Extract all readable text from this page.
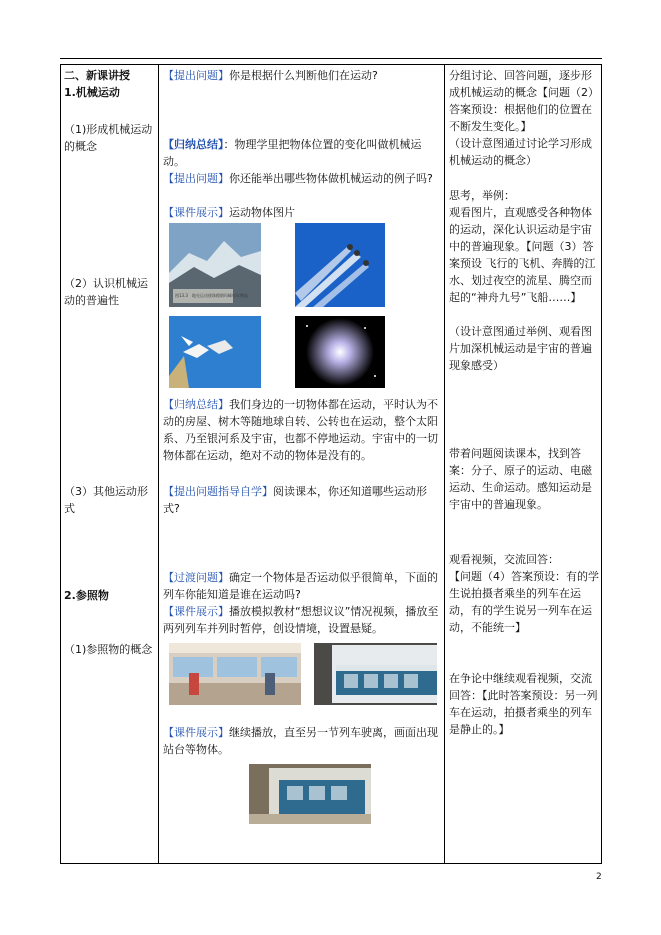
二、新课讲授
1.机械运动
（1)形成机械运动的概念
（2）认识机械运动的普遍性
（3）其他运动形式
2.参照物
（1)参照物的概念
【提出问题】你是根据什么判断他们在运动?
【归纳总结】：物理学里把物体位置的变化叫做机械运动。
【提出问题】你还能举出哪些物体做机械运动的例子吗?
【课件展示】运动物体图片
图13.3　地壳运动使珠穆朗玛峰年年增高
【归纳总结】我们身边的一切物体都在运动，平时认为不动的房屋、树木等随地球自转、公转也在运动，整个太阳系、乃至银河系及宇宙，也都不停地运动。宇宙中的一切物体都在运动，绝对不动的物体是没有的。
【提出问题指导自学】阅读课本，你还知道哪些运动形式?
【过渡问题】确定一个物体是否运动似乎很简单，下面的列车你能知道是谁在运动吗?
【课件展示】播放模拟教材“想想议议”情况视频，播放至两列列车并列时暂停，创设情境，设置悬疑。
【课件展示】继续播放，直至另一节列车驶离，画面出现站台等物体。
分组讨论、回答问题，逐步形成机械运动的概念【问题（2）答案预设：根据他们的位置在不断发生变化。】
（设计意图通过讨论学习形成机械运动的概念）
思考，举例：
观看图片，直观感受各种物体的运动，深化认识运动是宇宙中的普遍现象。【问题（3）答案预设 飞行的飞机、奔腾的江水、划过夜空的流星、腾空而起的“神舟九号”飞船……】
（设计意图通过举例、观看图片加深机械运动是宇宙的普遍现象感受）
带着问题阅读课本，找到答案：分子、原子的运动、电磁运动、生命运动。感知运动是宇宙中的普遍现象。
观看视频，交流回答：
【问题（4）答案预设：有的学生说拍摄者乘坐的列车在运动，有的学生说另一列车在运动，不能统一】
在争论中继续观看视频，交流回答：【此时答案预设：另一列车在运动，拍摄者乘坐的列车是静止的。】
2
